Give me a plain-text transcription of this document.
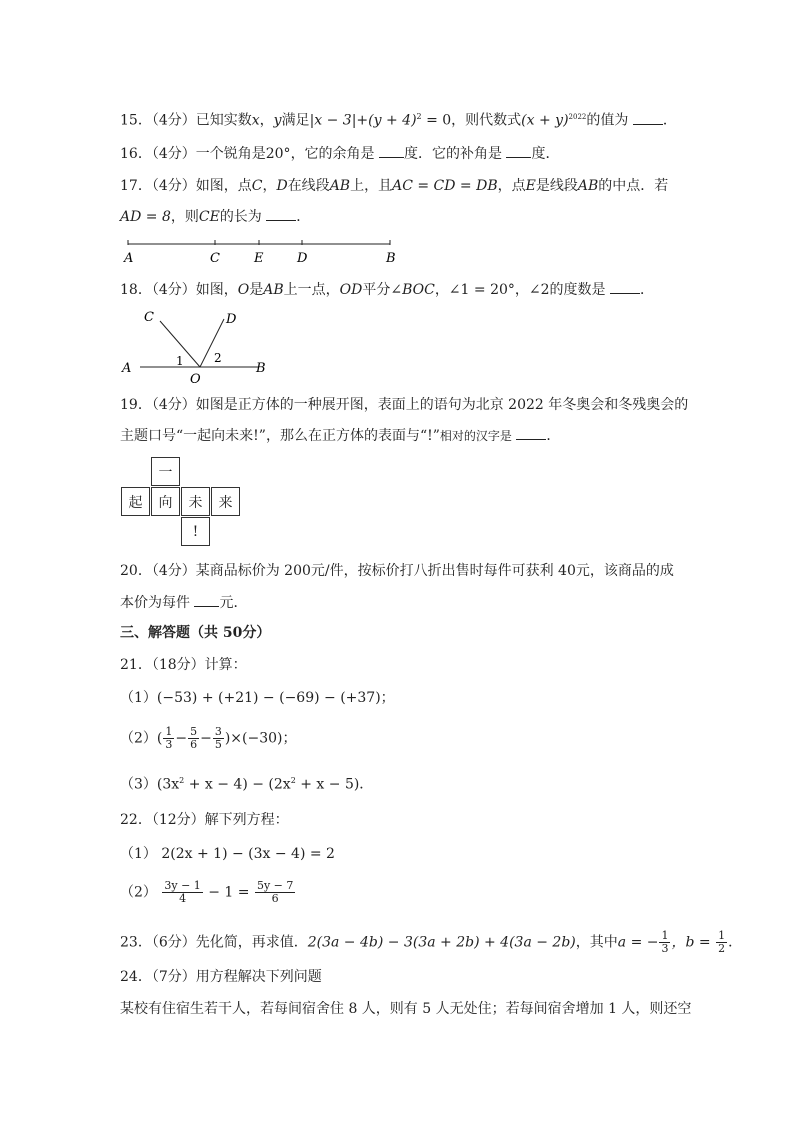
15．（4分）已知实数x，y满足$|x - 3|+(y + 4)^2 = 0$，则代数式$(x + y)^{2022}$的值为 ．
16．（4分）一个锐角是20°，它的余角是 度．它的补角是 度．
17．（4分）如图，点C，D在线段AB上，且AC = CD = DB，点E是线段AB的中点．若
AD = 8，则CE的长为 ．
A	C	E	D	B
18．（4分）如图，O是AB上一点，OD平分∠BOC，∠1 = 20°，∠2的度数是 ．
A	B
C	D
O
1	2
19．（4分）如图是正方体的一种展开图，表面上的语句为北京 2022 年冬奥会和冬残奥会的
主题口号“一起向未来!”，那么在正方体的表面与“!”相对的汉字是 ．
一
起	向	未	来
!
20．（4分）某商品标价为 200元/件，按标价打八折出售时每件可获利 40元，该商品的成
本价为每件 元．
三、解答题（共 50分）
21．（18分）计算：
（1）(−53) + (+21) − (−69) − (+37)；
$(2)( \frac{1}{3} - \frac{5}{6} - \frac{3}{5} )\times(-30)$；
$(3)(3x^2 + x - 4) - (2x^2 + x - 5)$．
22．（12分）解下列方程：
（1） 2(2x + 1) − (3x − 4) = 2
$(2) \frac{3y - 1}{4} - 1 = \frac{5y - 7}{6}$
23．（6分）先化简，再求值．2(3a − 4b) − 3(3a + 2b) + 4(3a − 2b)，其中a = − $\frac{1}{3}$ ，$b = \frac{1}{2}$ ．
24．（7分）用方程解决下列问题
某校有住宿生若干人，若每间宿舍住 8 人，则有 5 人无处住；若每间宿舍增加 1 人，则还空
